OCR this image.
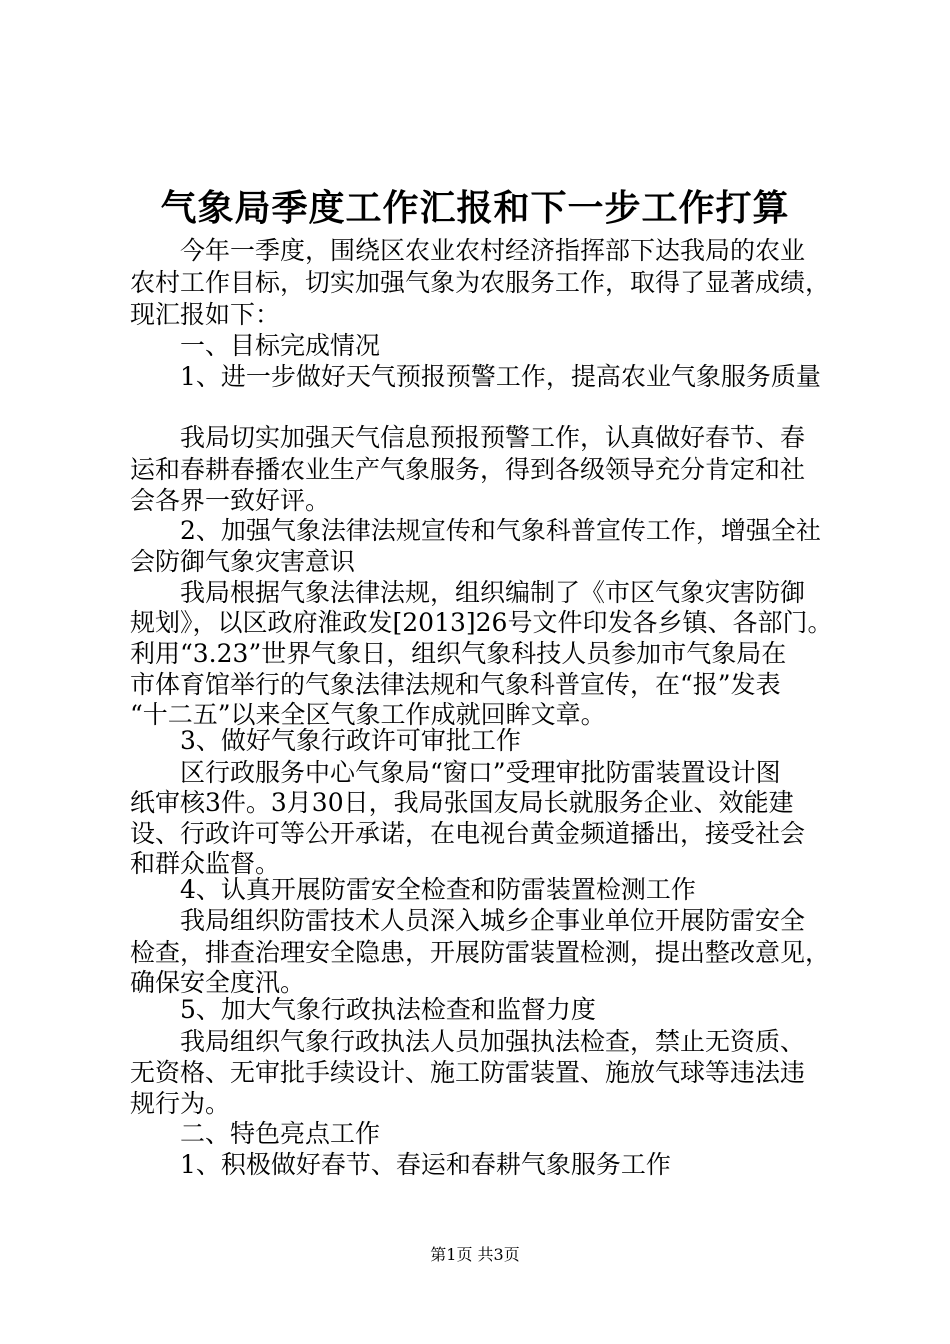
气象局季度工作汇报和下一步工作打算
今年一季度，围绕区农业农村经济指挥部下达我局的农业
农村工作目标，切实加强气象为农服务工作，取得了显著成绩，
现汇报如下：
一、目标完成情况
1、进一步做好天气预报预警工作，提高农业气象服务质量
我局切实加强天气信息预报预警工作，认真做好春节、春
运和春耕春播农业生产气象服务，得到各级领导充分肯定和社
会各界一致好评。
2、加强气象法律法规宣传和气象科普宣传工作，增强全社
会防御气象灾害意识
我局根据气象法律法规，组织编制了《市区气象灾害防御
规划》，以区政府淮政发[2013]26号文件印发各乡镇、各部门。
利用“3.23”世界气象日，组织气象科技人员参加市气象局在
市体育馆举行的气象法律法规和气象科普宣传，在“报”发表
“十二五”以来全区气象工作成就回眸文章。
3、做好气象行政许可审批工作
区行政服务中心气象局“窗口”受理审批防雷装置设计图
纸审核3件。3月30日，我局张国友局长就服务企业、效能建
设、行政许可等公开承诺，在电视台黄金频道播出，接受社会
和群众监督。
4、认真开展防雷安全检查和防雷装置检测工作
我局组织防雷技术人员深入城乡企事业单位开展防雷安全
检查，排查治理安全隐患，开展防雷装置检测，提出整改意见，
确保安全度汛。
5、加大气象行政执法检查和监督力度
我局组织气象行政执法人员加强执法检查，禁止无资质、
无资格、无审批手续设计、施工防雷装置、施放气球等违法违
规行为。
二、特色亮点工作
1、积极做好春节、春运和春耕气象服务工作
第1页 共3页
